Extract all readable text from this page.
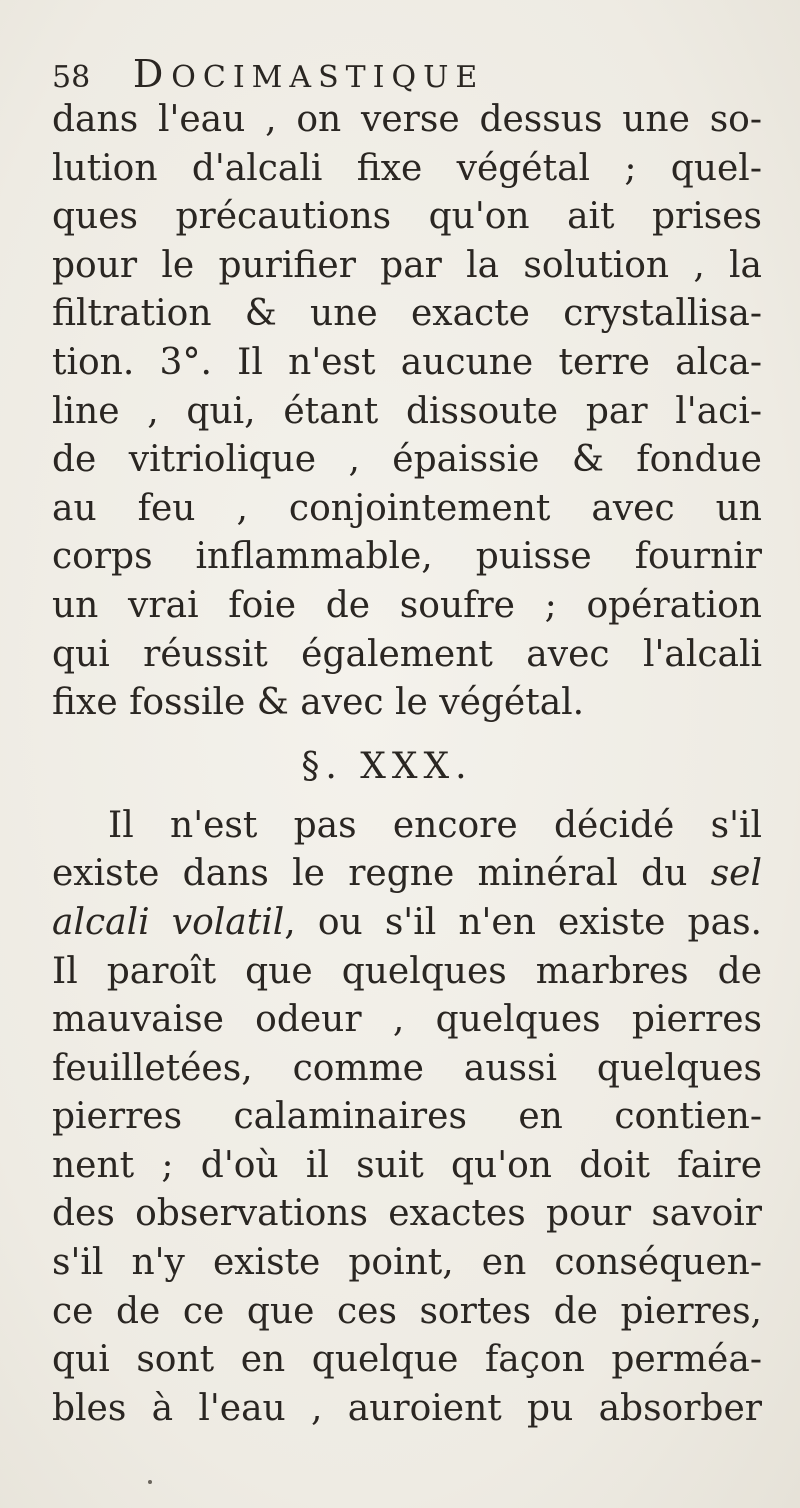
58 DOCIMASTIQUE
dans l'eau , on verse dessus une so-
lution d'alcali fixe végétal ; quel-
ques précautions qu'on ait prises
pour le purifier par la solution , la
filtration & une exacte crystallisa-
tion. 3°. Il n'est aucune terre alca-
line , qui, étant dissoute par l'aci-
de vitriolique , épaissie & fondue
au feu , conjointement avec un
corps inflammable, puisse fournir
un vrai foie de soufre ; opération
qui réussit également avec l'alcali
fixe fossile & avec le végétal.
§. XXX.
Il n'est pas encore décidé s'il
existe dans le regne minéral du sel
alcali volatil, ou s'il n'en existe pas.
Il paroît que quelques marbres de
mauvaise odeur , quelques pierres
feuilletées, comme aussi quelques
pierres calaminaires en contien-
nent ; d'où il suit qu'on doit faire
des observations exactes pour savoir
s'il n'y existe point, en conséquen-
ce de ce que ces sortes de pierres,
qui sont en quelque façon perméa-
bles à l'eau , auroient pu absorber
